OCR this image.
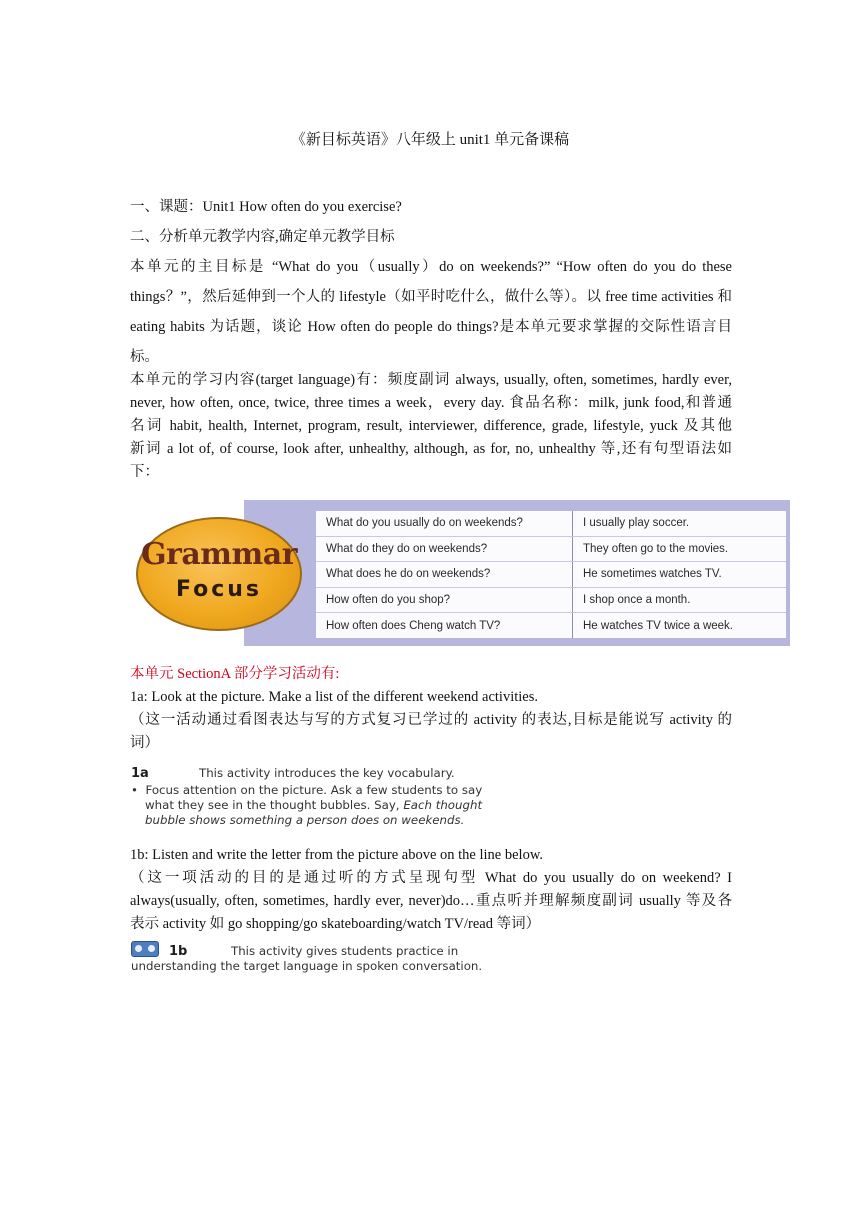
《新目标英语》八年级上 unit1 单元备课稿
一、课题：Unit1 How often do you exercise?
二、分析单元教学内容,确定单元教学目标
本单元的主目标是 “What do you（usually）do on weekends?” “How often do you do these
things？”，然后延伸到一个人的 lifestyle（如平时吃什么，做什么等）。以 free time activities 和
eating habits 为话题，谈论 How often do people do things?是本单元要求掌握的交际性语言目
标。
本单元的学习内容(target language)有：频度副词 always, usually, often, sometimes, hardly ever,
never, how often, once, twice, three times a week，every day. 食品名称：milk, junk food,和普通
名词 habit, health, Internet, program, result, interviewer, difference, grade, lifestyle, yuck 及其他
新词 a lot of, of course, look after, unhealthy, although, as for, no, unhealthy 等,还有句型语法如
下：
What do you usually do on weekends?	I usually play soccer.
What do they do on weekends?	They often go to the movies.
What does he do on weekends?	He sometimes watches TV.
How often do you shop?	I shop once a month.
How often does Cheng watch TV?	He watches TV twice a week.
Grammar
Focus
本单元 SectionA 部分学习活动有:
1a: Look at the picture. Make a list of the different weekend activities.
（这一活动通过看图表达与写的方式复习已学过的 activity 的表达,目标是能说写 activity 的
词）
1a	This activity introduces the key vocabulary.
•  Focus attention on the picture. Ask a few students to say
what they see in the thought bubbles. Say, Each thought
bubble shows something a person does on weekends.
1b: Listen and write the letter from the picture above on the line below.
（这一项活动的目的是通过听的方式呈现句型 What do you usually do on weekend? I
always(usually, often, sometimes, hardly ever, never)do…重点听并理解频度副词 usually 等及各
表示 activity 如 go shopping/go skateboarding/watch TV/read 等词）
1b	This activity gives students practice in
understanding the target language in spoken conversation.
